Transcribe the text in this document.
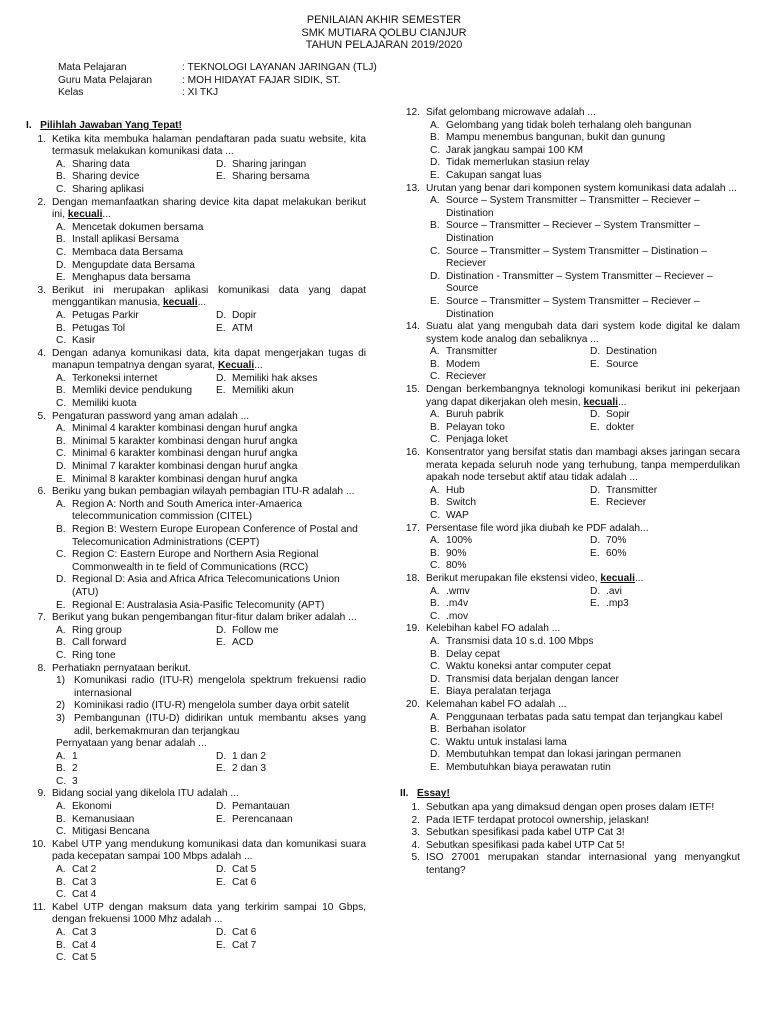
PENILAIAN AKHIR SEMESTER
SMK MUTIARA QOLBU CIANJUR
TAHUN PELAJARAN 2019/2020
Mata Pelajaran	: TEKNOLOGI LAYANAN JARINGAN (TLJ)
Guru Mata Pelajaran	: MOH HIDAYAT FAJAR SIDIK, ST.
Kelas	: XI TKJ
I. Pilihlah Jawaban Yang Tepat!
1. Ketika kita membuka halaman pendaftaran pada suatu website, kita termasuk melakukan komunikasi data ...
A. Sharing data	D. Sharing jaringan
B. Sharing device	E. Sharing bersama
C. Sharing aplikasi
2. Dengan memanfaatkan sharing device kita dapat melakukan berikut ini, kecuali...
A. Mencetak dokumen bersama
B. Install aplikasi Bersama
C. Membaca data Bersama
D. Mengupdate data Bersama
E. Menghapus data bersama
3. Berikut ini merupakan aplikasi komunikasi data yang dapat menggantikan manusia, kecuali...
A. Petugas Parkir	D. Dopir
B. Petugas Tol	E. ATM
C. Kasir
4. Dengan adanya komunikasi data, kita dapat mengerjakan tugas di manapun tempatnya dengan syarat, Kecuali...
A. Terkoneksi internet	D. Memiliki hak akses
B. Memliki device pendukung	E. Memiliki akun
C. Memiliki kuota
5. Pengaturan password yang aman adalah ...
A. Minimal 4 karakter kombinasi dengan huruf angka
B. Minimal 5 karakter kombinasi dengan huruf angka
C. Minimal 6 karakter kombinasi dengan huruf angka
D. Minimal 7 karakter kombinasi dengan huruf angka
E. Minimal 8 karakter kombinasi dengan huruf angka
6. Beriku yang bukan pembagian wilayah pembagian ITU-R adalah ...
A. Region A: North and South America inter-Amaerica telecommunication commission (CITEL)
B. Region B: Western Europe European Conference of Postal and Telecomunication Administrations (CEPT)
C. Region C: Eastern Europe and Northern Asia Regional Commonwealth in te field of Communications (RCC)
D. Regional D: Asia and Africa Africa Telecomunications Union (ATU)
E. Regional E: Australasia Asia-Pasific Telecomunity (APT)
7. Berikut yang bukan pengembangan fitur-fitur dalam briker adalah ...
A. Ring group	D. Follow me
B. Call forward	E. ACD
C. Ring tone
8. Perhatiakn pernyataan berikut.
1) Komunikasi radio (ITU-R) mengelola spektrum frekuensi radio internasional
2) Kominikasi radio (ITU-R) mengelola sumber daya orbit satelit
3) Pembangunan (ITU-D) didirikan untuk membantu akses yang adil, berkemakmuran dan terjangkau
Pernyataan yang benar adalah ...
A. 1	D. 1 dan 2
B. 2	E. 2 dan 3
C. 3
9. Bidang social yang dikelola ITU adalah ...
A. Ekonomi	D. Pemantauan
B. Kemanusiaan	E. Perencanaan
C. Mitigasi Bencana
10. Kabel UTP yang mendukung komunikasi data dan komunikasi suara pada kecepatan sampai 100 Mbps adalah ...
A. Cat 2	D. Cat 5
B. Cat 3	E. Cat 6
C. Cat 4
11. Kabel UTP dengan maksum data yang terkirim sampai 10 Gbps, dengan frekuensi 1000 Mhz adalah ...
A. Cat 3	D. Cat 6
B. Cat 4	E. Cat 7
C. Cat 5
12. Sifat gelombang microwave adalah ...
A. Gelombang yang tidak boleh terhalang oleh bangunan
B. Mampu menembus bangunan, bukit dan gunung
C. Jarak jangkau sampai 100 KM
D. Tidak memerlukan stasiun relay
E. Cakupan sangat luas
13. Urutan yang benar dari komponen system komunikasi data adalah ...
A. Source – System Transmitter – Transmitter – Reciever – Distination
B. Source – Transmitter – Reciever – System Transmitter – Distination
C. Source – Transmitter – System Transmitter – Distination – Reciever
D. Distination - Transmitter – System Transmitter – Reciever – Source
E. Source – Transmitter – System Transmitter – Reciever – Distination
14. Suatu alat yang mengubah data dari system kode digital ke dalam system kode analog dan sebaliknya ...
A. Transmitter	D. Destination
B. Modem	E. Source
C. Reciever
15. Dengan berkembangnya teknologi komunikasi berikut ini pekerjaan yang dapat dikerjakan oleh mesin, kecuali...
A. Buruh pabrik	D. Sopir
B. Pelayan toko	E. dokter
C. Penjaga loket
16. Konsentrator yang bersifat statis dan mambagi akses jaringan secara merata kepada seluruh node yang terhubung, tanpa memperdulikan apakah node tersebut aktif atau tidak adalah ...
A. Hub	D. Transmitter
B. Switch	E. Reciever
C. WAP
17. Persentase file word jika diubah ke PDF adalah...
A. 100%	D. 70%
B. 90%	E. 60%
C. 80%
18. Berikut merupakan file ekstensi video, kecuali...
A. .wmv	D. .avi
B. .m4v	E. .mp3
C. .mov
19. Kelebihan kabel FO adalah ...
A. Transmisi data 10 s.d. 100 Mbps
B. Delay cepat
C. Waktu koneksi antar computer cepat
D. Transmisi data berjalan dengan lancer
E. Biaya peralatan terjaga
20. Kelemahan kabel FO adalah ...
A. Penggunaan terbatas pada satu tempat dan terjangkau kabel
B. Berbahan isolator
C. Waktu untuk instalasi lama
D. Membutuhkan tempat dan lokasi jaringan permanen
E. Membutuhkan biaya perawatan rutin
II. Essay!
1. Sebutkan apa yang dimaksud dengan open proses dalam IETF!
2. Pada IETF terdapat protocol ownership, jelaskan!
3. Sebutkan spesifikasi pada kabel UTP Cat 3!
4. Sebutkan spesifikasi pada kabel UTP Cat 5!
5. ISO 27001 merupakan standar internasional yang menyangkut tentang?
